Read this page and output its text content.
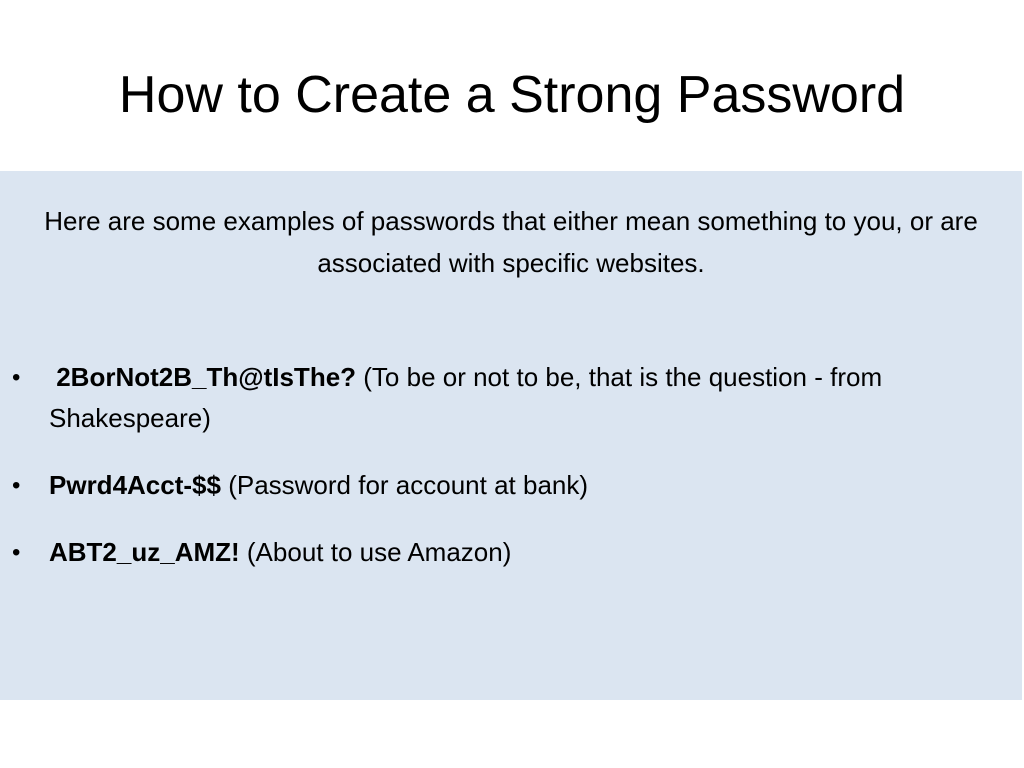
How to Create a Strong Password

Here are some examples of passwords that either mean something to you, or are associated with specific websites.

• 2BorNot2B_Th@tIsThe? (To be or not to be, that is the question - from Shakespeare)
• Pwrd4Acct-$$ (Password for account at bank)
• ABT2_uz_AMZ! (About to use Amazon)
